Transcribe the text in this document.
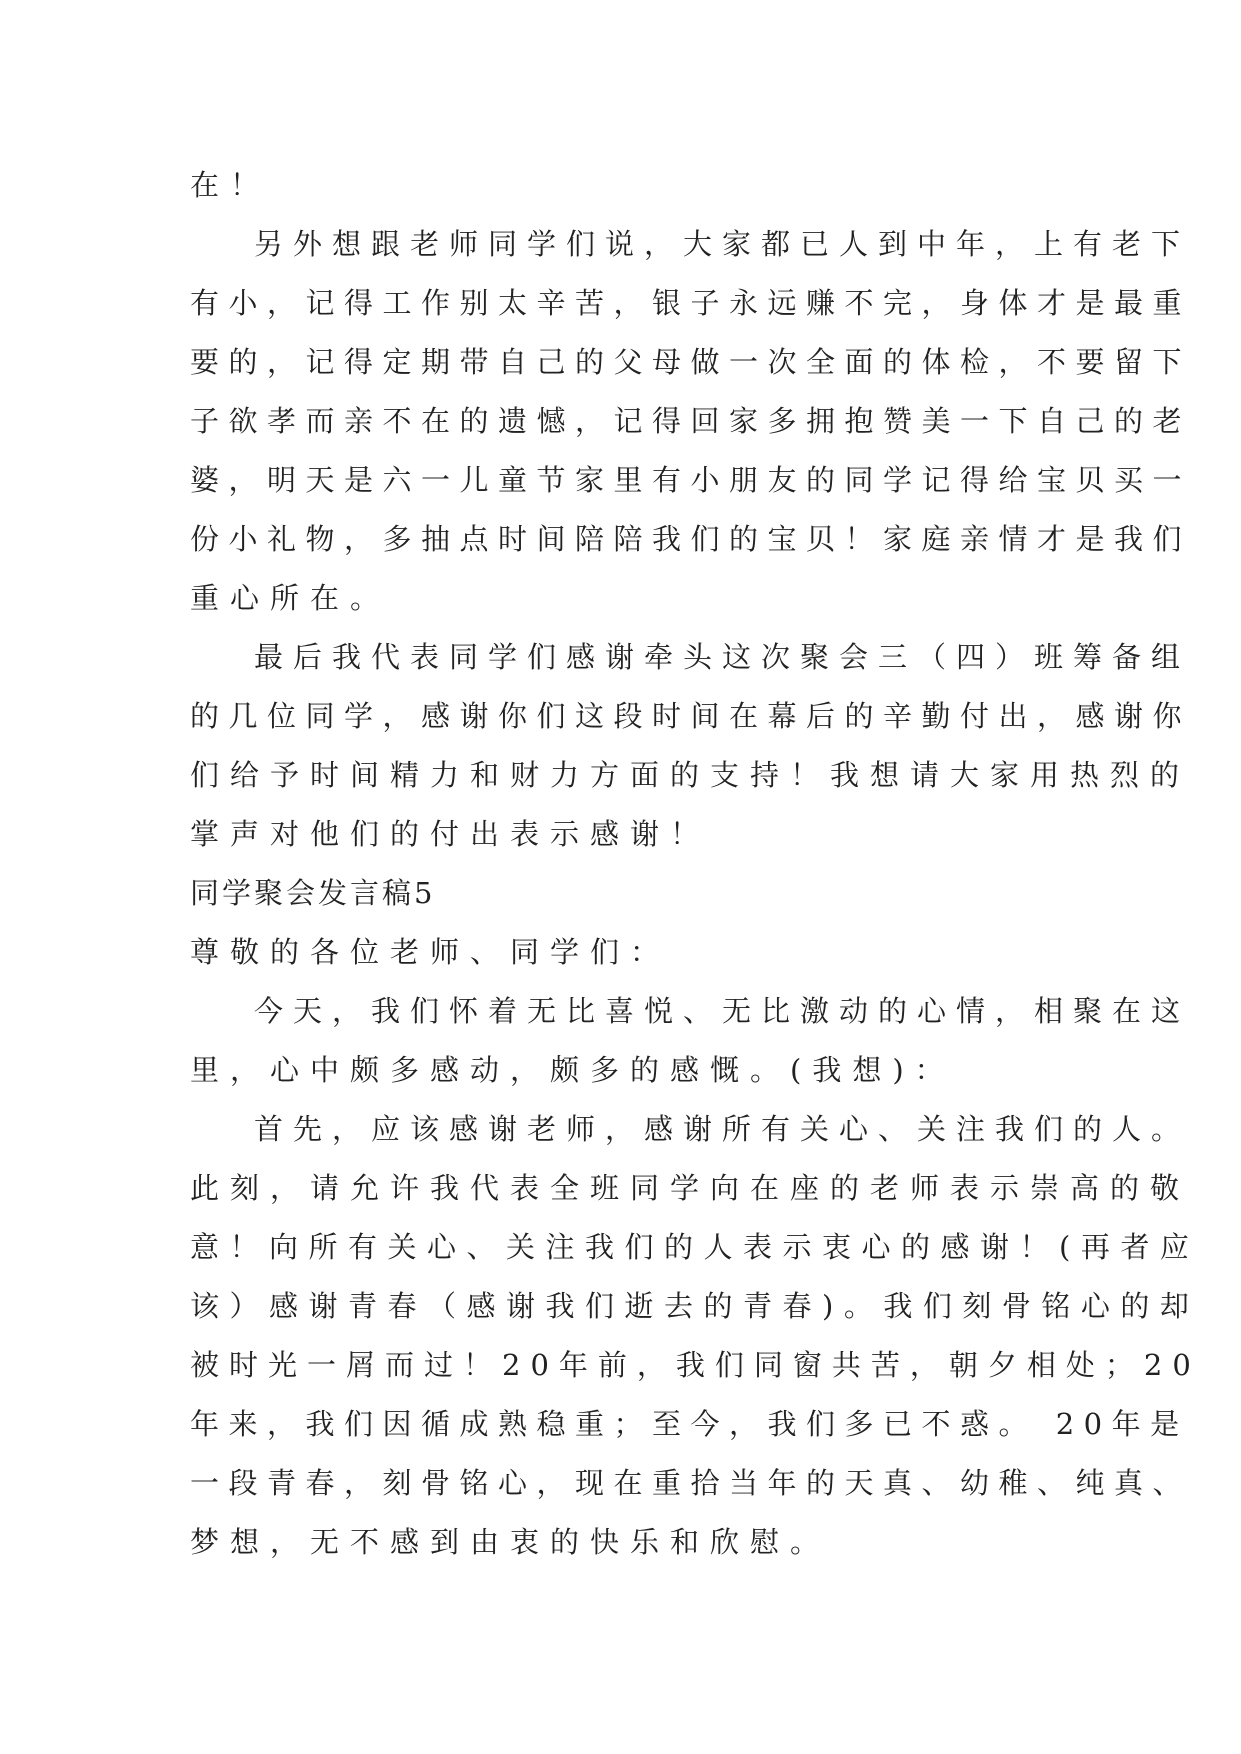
在！
另外想跟老师同学们说，大家都已人到中年，上有老下
有小，记得工作别太辛苦，银子永远赚不完，身体才是最重
要的，记得定期带自己的父母做一次全面的体检，不要留下
子欲孝而亲不在的遗憾，记得回家多拥抱赞美一下自己的老
婆，明天是六一儿童节家里有小朋友的同学记得给宝贝买一
份小礼物，多抽点时间陪陪我们的宝贝！家庭亲情才是我们
重心所在。
最后我代表同学们感谢牵头这次聚会三（四）班筹备组
的几位同学，感谢你们这段时间在幕后的辛勤付出，感谢你
们给予时间精力和财力方面的支持！我想请大家用热烈的
掌声对他们的付出表示感谢！
同学聚会发言稿5
尊敬的各位老师、同学们：
今天，我们怀着无比喜悦、无比激动的心情，相聚在这
里，心中颇多感动，颇多的感慨。(我想)：
首先，应该感谢老师，感谢所有关心、关注我们的人。
此刻，请允许我代表全班同学向在座的老师表示崇高的敬
意！向所有关心、关注我们的人表示衷心的感谢！(再者应
该）感谢青春（感谢我们逝去的青春)。我们刻骨铭心的却
被时光一屑而过！20年前，我们同窗共苦，朝夕相处；20
年来，我们因循成熟稳重；至今，我们多已不惑。 20年是
一段青春，刻骨铭心，现在重拾当年的天真、幼稚、纯真、
梦想，无不感到由衷的快乐和欣慰。
